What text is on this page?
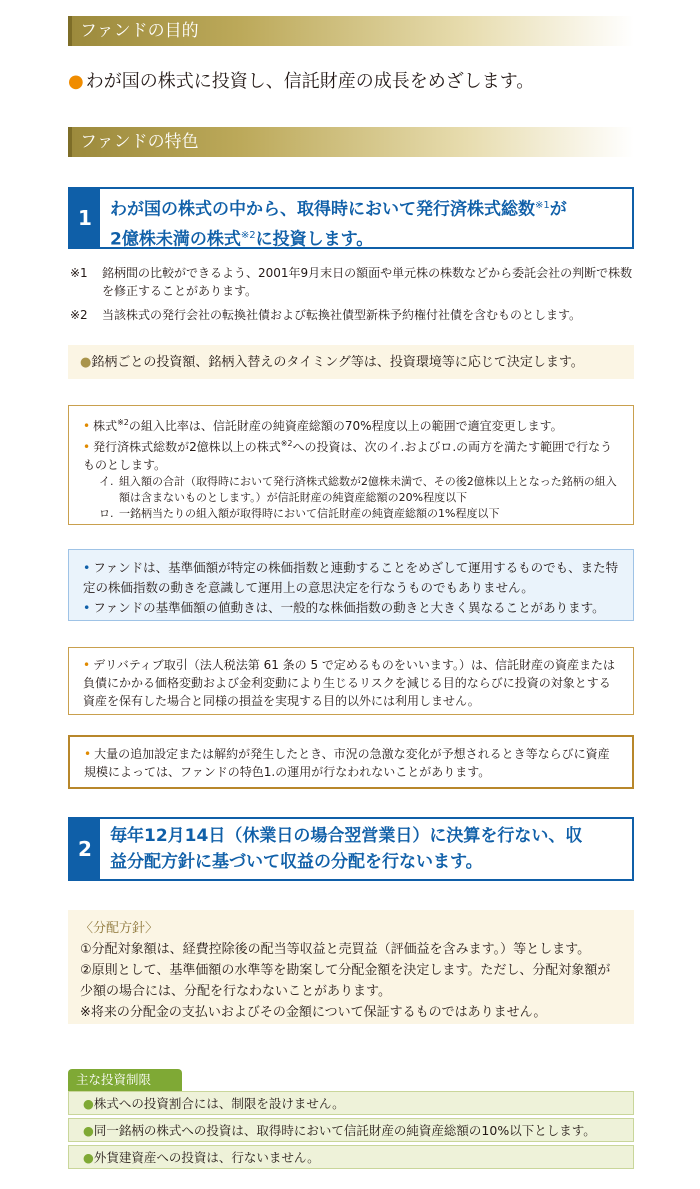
ファンドの目的
● わが国の株式に投資し、信託財産の成長をめざします。
ファンドの特色
1	わが国の株式の中から、取得時において発行済株式総数$^{※1}$が
2億株未満の株式$^{※2}$に投資します。
※1	銘柄間の比較ができるよう、2001年9月末日の額面や単元株の株数などから委託会社の判断で株数を修正することがあります。
※2	当該株式の発行会社の転換社債および転換社債型新株予約権付社債を含むものとします。
●銘柄ごとの投資額、銘柄入替えのタイミング等は、投資環境等に応じて決定します。
• 株式$^{※2}$の組入比率は、信託財産の純資産総額の70%程度以上の範囲で適宜変更します。
• 発行済株式総数が2億株以上の株式$^{※2}$への投資は、次のイ.およびロ.の両方を満たす範囲で行なうものとします。
イ. 組入額の合計（取得時において発行済株式総数が2億株未満で、その後2億株以上となった銘柄の組入額は含まないものとします。）が信託財産の純資産総額の20%程度以下
ロ. 一銘柄当たりの組入額が取得時において信託財産の純資産総額の1%程度以下
• ファンドは、基準価額が特定の株価指数と連動することをめざして運用するものでも、また特定の株価指数の動きを意識して運用上の意思決定を行なうものでもありません。
• ファンドの基準価額の値動きは、一般的な株価指数の動きと大きく異なることがあります。
• デリバティブ取引（法人税法第 61 条の 5 で定めるものをいいます。）は、信託財産の資産または負債にかかる価格変動および金利変動により生じるリスクを減じる目的ならびに投資の対象とする資産を保有した場合と同様の損益を実現する目的以外には利用しません。
• 大量の追加設定または解約が発生したとき、市況の急激な変化が予想されるとき等ならびに資産規模によっては、ファンドの特色1.の運用が行なわれないことがあります。
2
毎年12月14日（休業日の場合翌営業日）に決算を行ない、収
益分配方針に基づいて収益の分配を行ないます。
〈分配方針〉
①分配対象額は、経費控除後の配当等収益と売買益（評価益を含みます。）等とします。
②原則として、基準価額の水準等を勘案して分配金額を決定します。ただし、分配対象額が少額の場合には、分配を行なわないことがあります。
※将来の分配金の支払いおよびその金額について保証するものではありません。
主な投資制限
●株式への投資割合には、制限を設けません。
●同一銘柄の株式への投資は、取得時において信託財産の純資産総額の10%以下とします。
●外貨建資産への投資は、行ないません。
